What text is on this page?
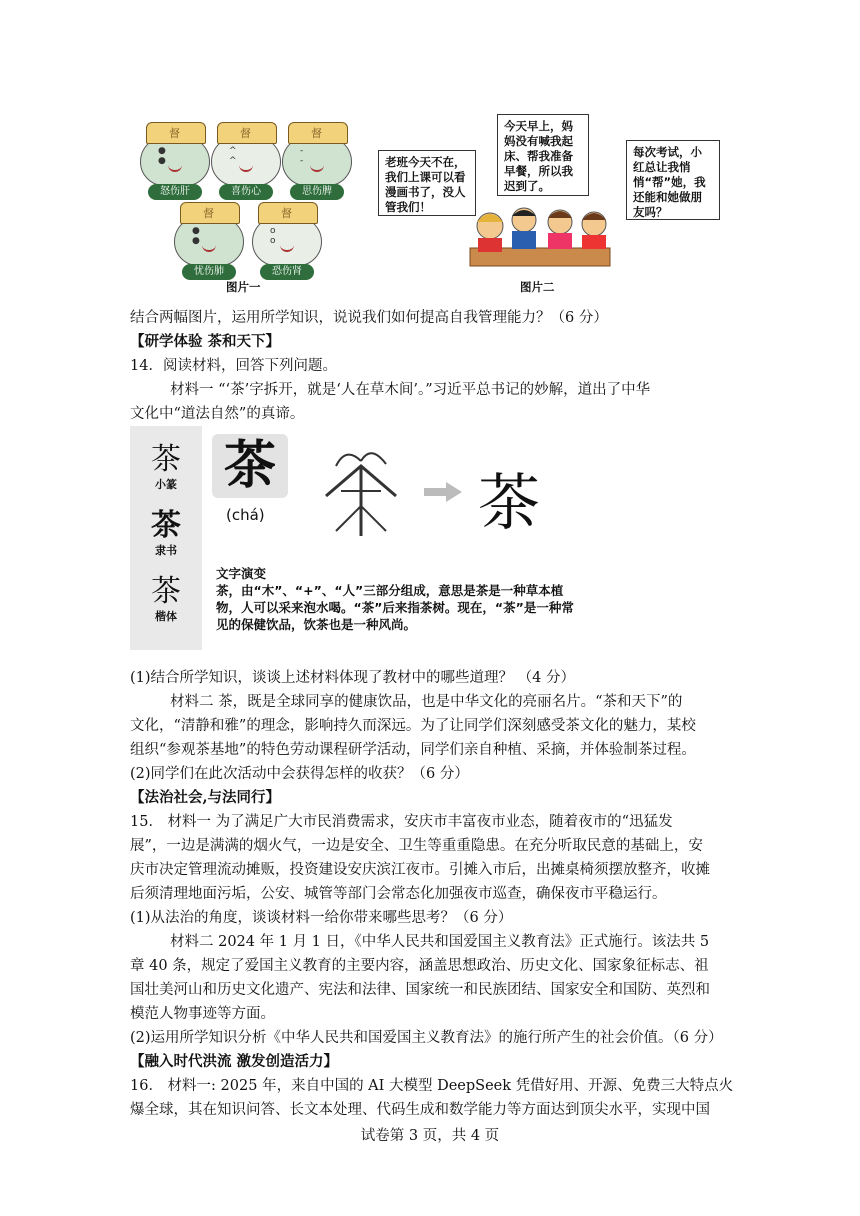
督
● ●
怒伤肝
督
^ ^
喜伤心
督
- -
思伤脾
督
● ●
忧伤肺
督
o o
恐伤肾
图片一
老班今天不在，我们上课可以看漫画书了，没人管我们！
今天早上，妈妈没有喊我起床、帮我准备早餐，所以我迟到了。
每次考试，小红总让我悄悄“帮”她，我还能和她做朋友吗？
图片二
结合两幅图片，运用所学知识，说说我们如何提高自我管理能力？（6 分）
【研学体验 茶和天下】
14．阅读材料，回答下列问题。
材料一 “‘茶’字拆开，就是‘人在草木间’。”习近平总书记的妙解，道出了中华
文化中“道法自然”的真谛。
茶
小篆
茶
隶书
茶
楷体
茶
(chá)	茶
文字演变
茶，由“木”、“+”、“人”三部分组成，意思是茶是一种草本植物，人可以采来泡水喝。“茶”后来指茶树。现在，“茶”是一种常见的保健饮品，饮茶也是一种风尚。
(1)结合所学知识，谈谈上述材料体现了教材中的哪些道理？ （4 分）
材料二 茶，既是全球同享的健康饮品，也是中华文化的亮丽名片。“茶和天下”的
文化，“清静和雅”的理念，影响持久而深远。为了让同学们深刻感受茶文化的魅力，某校
组织“参观茶基地”的特色劳动课程研学活动，同学们亲自种植、采摘，并体验制茶过程。
(2)同学们在此次活动中会获得怎样的收获？（6 分）
【法治社会,与法同行】
15． 材料一 为了满足广大市民消费需求，安庆市丰富夜市业态，随着夜市的“迅猛发
展”，一边是满满的烟火气，一边是安全、卫生等重重隐患。在充分听取民意的基础上，安
庆市决定管理流动摊贩，投资建设安庆滨江夜市。引摊入市后，出摊桌椅须摆放整齐，收摊
后须清理地面污垢，公安、城管等部门会常态化加强夜市巡查，确保夜市平稳运行。
(1)从法治的角度，谈谈材料一给你带来哪些思考？（6 分）
材料二 2024 年 1 月 1 日，《中华人民共和国爱国主义教育法》正式施行。该法共 5
章 40 条，规定了爱国主义教育的主要内容，涵盖思想政治、历史文化、国家象征标志、祖
国壮美河山和历史文化遗产、宪法和法律、国家统一和民族团结、国家安全和国防、英烈和
模范人物事迹等方面。
(2)运用所学知识分析《中华人民共和国爱国主义教育法》的施行所产生的社会价值。（6 分）
【融入时代洪流 激发创造活力】
16． 材料一: 2025 年，来自中国的 AI 大模型 DeepSeek 凭借好用、开源、免费三大特点火
爆全球，其在知识问答、长文本处理、代码生成和数学能力等方面达到顶尖水平，实现中国
试卷第 3 页，共 4 页
